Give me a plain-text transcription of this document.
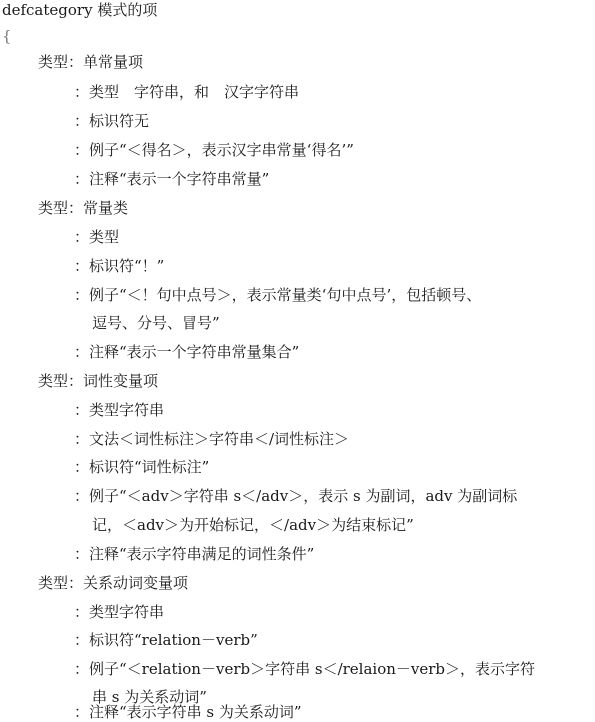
defcategory 模式的项
{
类型：单常量项
：类型　字符串，和　汉字字符串
：标识符无
：例子“＜得名＞，表示汉字串常量‘得名’”
：注释“表示一个字符串常量”
类型：常量类
：类型
：标识符“！”
：例子“＜！句中点号＞，表示常量类‘句中点号’，包括顿号、
逗号、分号、冒号”
：注释“表示一个字符串常量集合”
类型：词性变量项
：类型字符串
：文法＜词性标注＞字符串＜/词性标注＞
：标识符“词性标注”
：例子“＜adv＞字符串 s＜/adv＞，表示 s 为副词，adv 为副词标
记，＜adv＞为开始标记，＜/adv＞为结束标记”
：注释“表示字符串满足的词性条件”
类型：关系动词变量项
：类型字符串
：标识符“relation－verb”
：例子“＜relation－verb＞字符串 s＜/relaion－verb＞，表示字符
串 s 为关系动词”
：注释“表示字符串 s 为关系动词”
